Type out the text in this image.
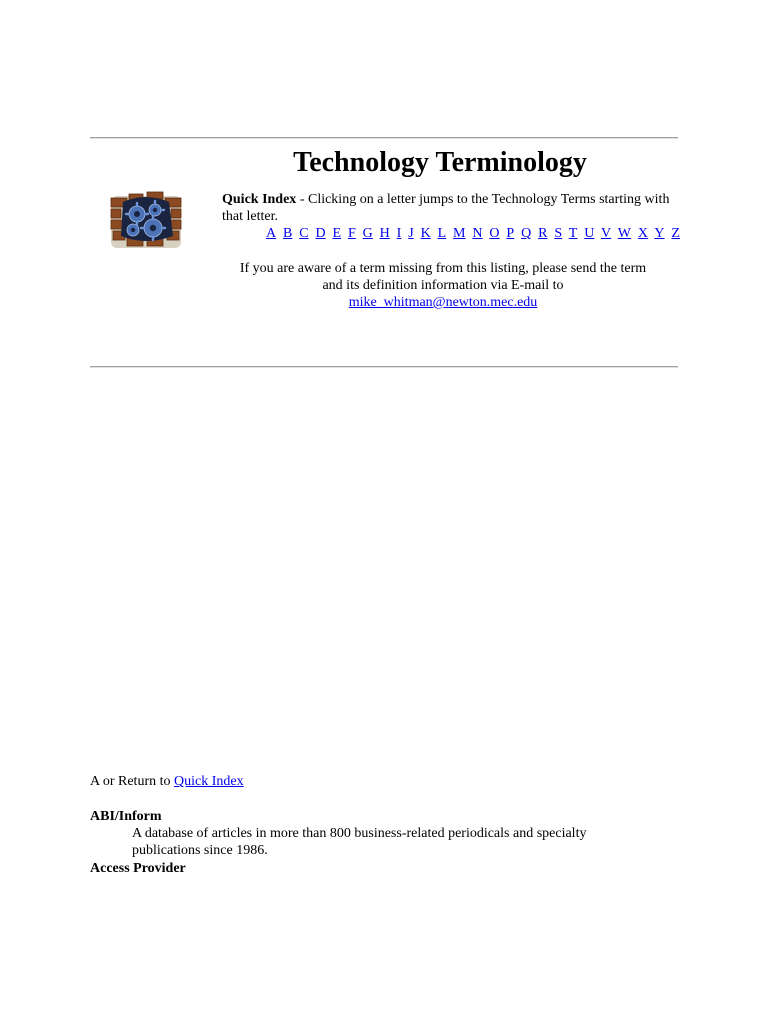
Technology Terminology
Quick Index - Clicking on a letter jumps to the Technology Terms starting with that letter.
A B C D E F G H I J K L M N O P Q R S T U V W X Y Z
If you are aware of a term missing from this listing, please send the term
and its definition information via E-mail to
mike_whitman@newton.mec.edu
A or Return to Quick Index
ABI/Inform
A database of articles in more than 800 business-related periodicals and specialty publications since 1986.
Access Provider
